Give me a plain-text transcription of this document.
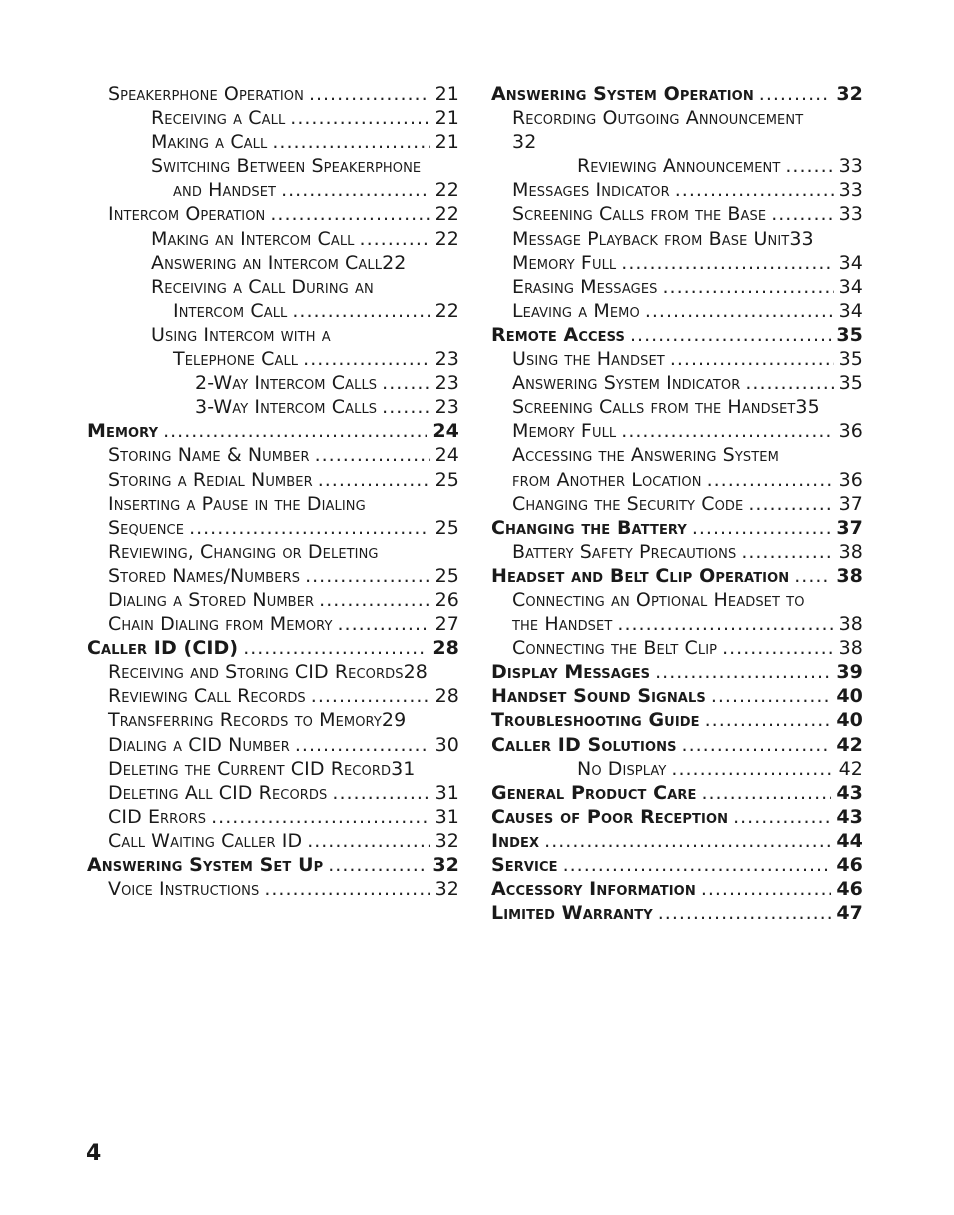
Speakerphone Operation .....	21
Receiving a Call .....	21
Making a Call .....	21
Switching Between Speakerphone
and Handset .....	22
Intercom Operation .....	22
Making an Intercom Call .....	22
Answering an Intercom Call 22
Receiving a Call During an
Intercom Call .....	22
Using Intercom with a
Telephone Call .....	23
2-Way Intercom Calls .....	23
3-Way Intercom Calls .....	23
Memory .....	24
Storing Name & Number .....	24
Storing a Redial Number .....	25
Inserting a Pause in the Dialing
Sequence .....	25
Reviewing, Changing or Deleting
Stored Names/Numbers .....	25
Dialing a Stored Number .....	26
Chain Dialing from Memory .....	27
Caller ID (CID) .....	28
Receiving and Storing CID Records 28
Reviewing Call Records .....	28
Transferring Records to Memory 29
Dialing a CID Number .....	30
Deleting the Current CID Record 31
Deleting All CID Records .....	31
CID Errors .....	31
Call Waiting Caller ID .....	32
Answering System Set Up .....	32
Voice Instructions .....	32
Answering System Operation .....	32
Recording Outgoing Announcement
32
Reviewing Announcement .....	33
Messages Indicator .....	33
Screening Calls from the Base .....	33
Message Playback from Base Unit 33
Memory Full .....	34
Erasing Messages .....	34
Leaving a Memo .....	34
Remote Access .....	35
Using the Handset .....	35
Answering System Indicator .....	35
Screening Calls from the Handset 35
Memory Full .....	36
Accessing the Answering System
from Another Location .....	36
Changing the Security Code .....	37
Changing the Battery .....	37
Battery Safety Precautions .....	38
Headset and Belt Clip Operation ..... 38
Connecting an Optional Headset to
the Handset .....	38
Connecting the Belt Clip .....	38
Display Messages .....	39
Handset Sound Signals .....	40
Troubleshooting Guide .....	40
Caller ID Solutions .....	42
No Display .....	42
General Product Care .....	43
Causes of Poor Reception .....	43
Index .....	44
Service .....	46
Accessory Information .....	46
Limited Warranty .....	47
4
